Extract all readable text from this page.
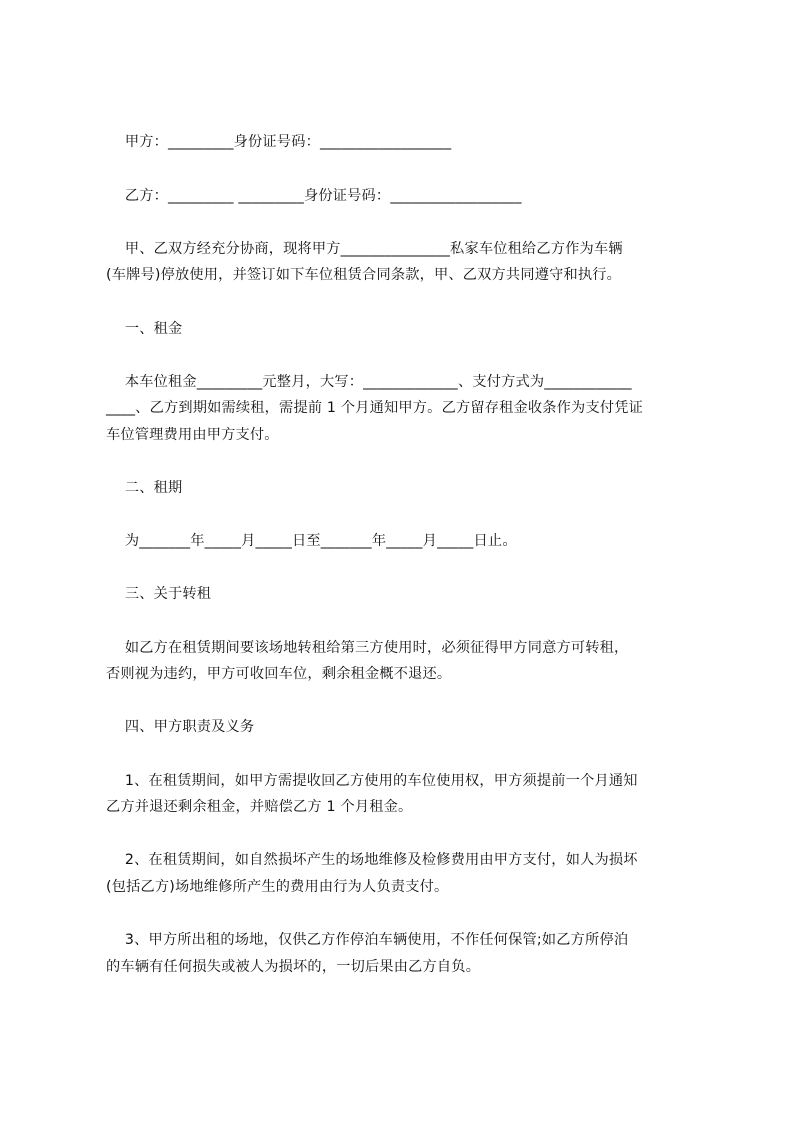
甲方：_________身份证号码：__________________
乙方：_________ _________身份证号码：__________________
甲、乙双方经充分协商，现将甲方_______________私家车位租给乙方作为车辆
(车牌号)停放使用，并签订如下车位租赁合同条款，甲、乙双方共同遵守和执行。
一、租金
本车位租金_________元整月，大写：_____________、支付方式为____________
____、乙方到期如需续租，需提前 1 个月通知甲方。乙方留存租金收条作为支付凭证
车位管理费用由甲方支付。
二、租期
为_______年_____月_____日至_______年_____月_____日止。
三、关于转租
如乙方在租赁期间要该场地转租给第三方使用时，必须征得甲方同意方可转租，
否则视为违约，甲方可收回车位，剩余租金概不退还。
四、甲方职责及义务
1、在租赁期间，如甲方需提收回乙方使用的车位使用权，甲方须提前一个月通知
乙方并退还剩余租金，并赔偿乙方 1 个月租金。
2、在租赁期间，如自然损坏产生的场地维修及检修费用由甲方支付，如人为损坏
(包括乙方)场地维修所产生的费用由行为人负责支付。
3、甲方所出租的场地，仅供乙方作停泊车辆使用，不作任何保管;如乙方所停泊
的车辆有任何损失或被人为损坏的，一切后果由乙方自负。
